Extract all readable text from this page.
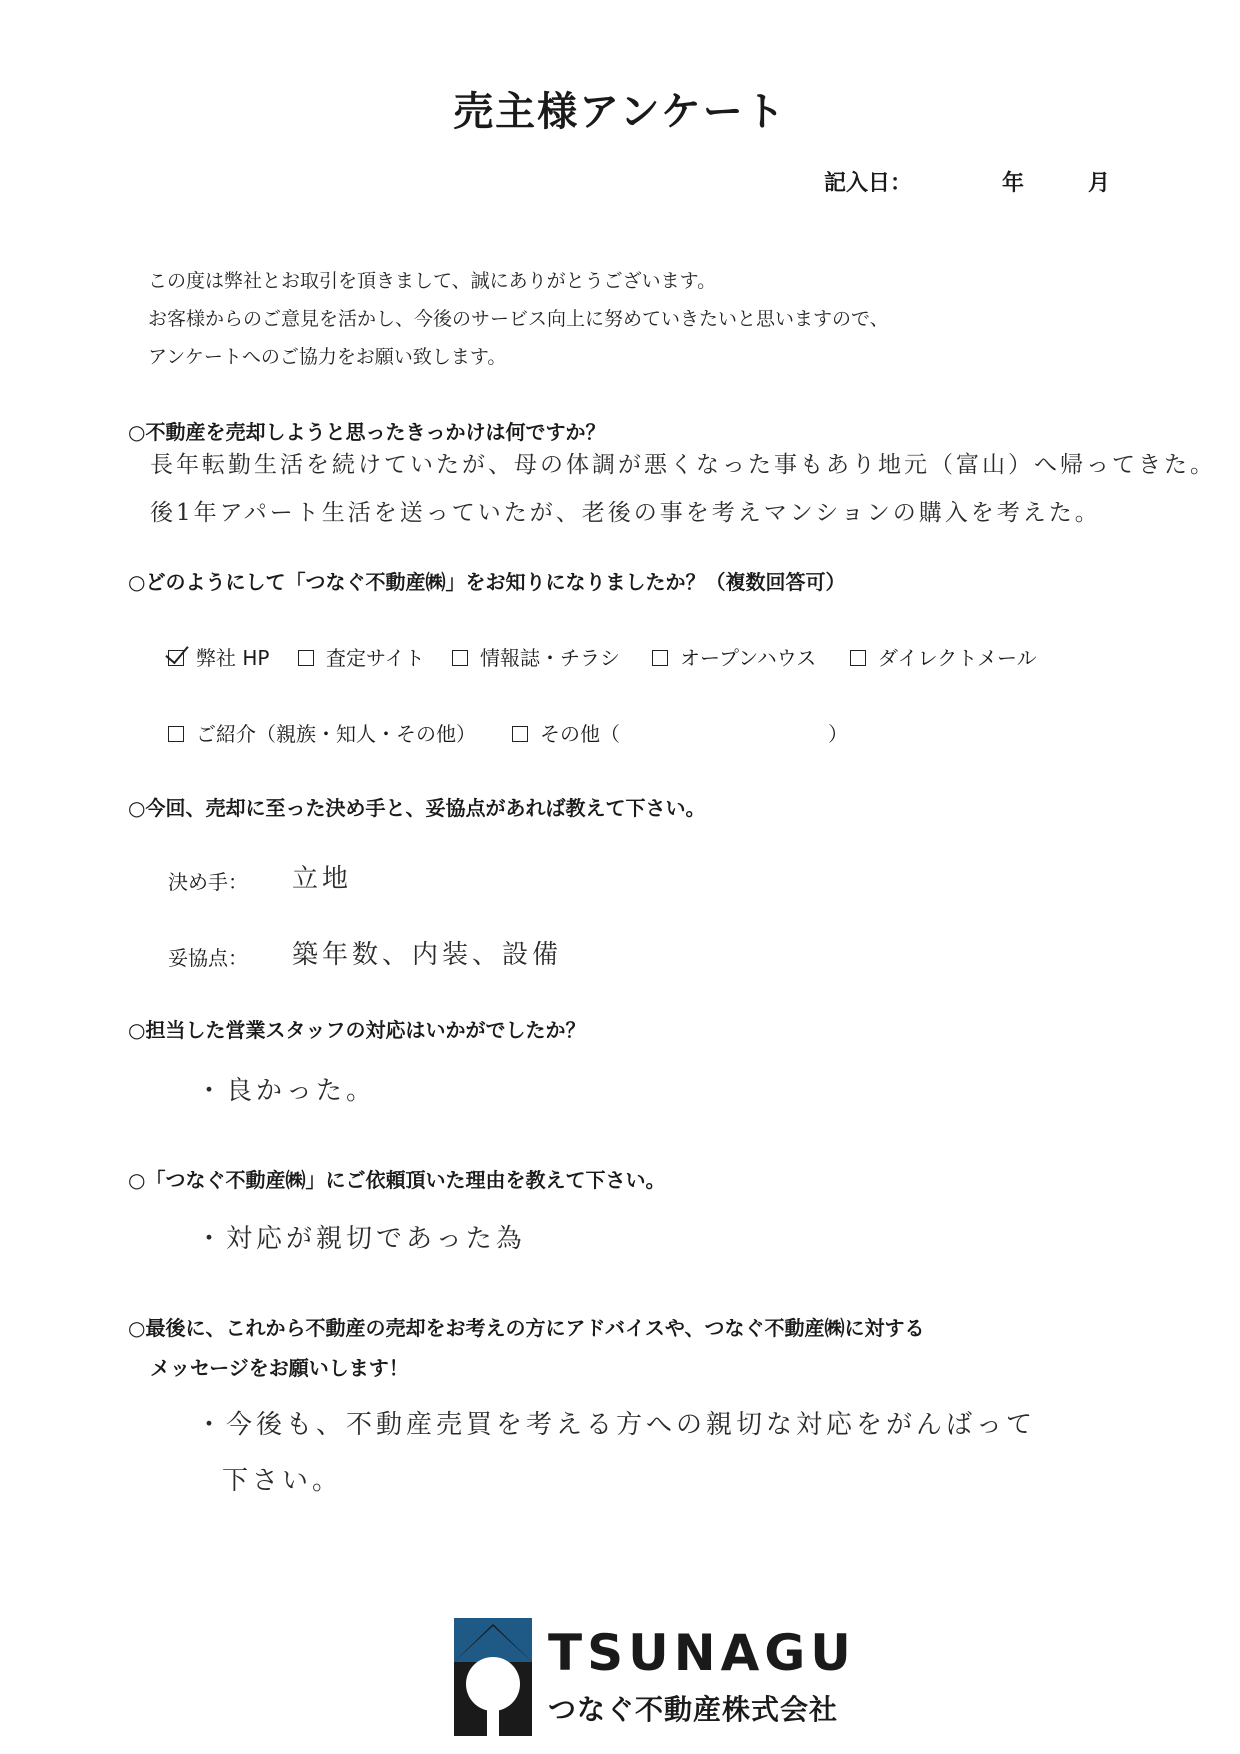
売主様アンケート
記入日：	年	月
この度は弊社とお取引を頂きまして、誠にありがとうございます。
お客様からのご意見を活かし、今後のサービス向上に努めていきたいと思いますので、
アンケートへのご協力をお願い致します。
○不動産を売却しようと思ったきっかけは何ですか？
長年転勤生活を続けていたが、母の体調が悪くなった事もあり地元（富山）へ帰ってきた。
後1年アパート生活を送っていたが、老後の事を考えマンションの購入を考えた。
○どのようにして「つなぐ不動産㈱」をお知りになりましたか？（複数回答可）
弊社 HP	査定サイト	情報誌・チラシ	オープンハウス	ダイレクトメール
ご紹介（親族・知人・その他）	その他（	）
○今回、売却に至った決め手と、妥協点があれば教えて下さい。
決め手： 立地
妥協点： 築年数、内装、設備
○担当した営業スタッフの対応はいかがでしたか？
・良かった。
○「つなぐ不動産㈱」にご依頼頂いた理由を教えて下さい。
・対応が親切であった為
○最後に、これから不動産の売却をお考えの方にアドバイスや、つなぐ不動産㈱に対する
メッセージをお願いします！
・今後も、不動産売買を考える方への親切な対応をがんばって
下さい。
TSUNAGU
つなぐ不動産株式会社
